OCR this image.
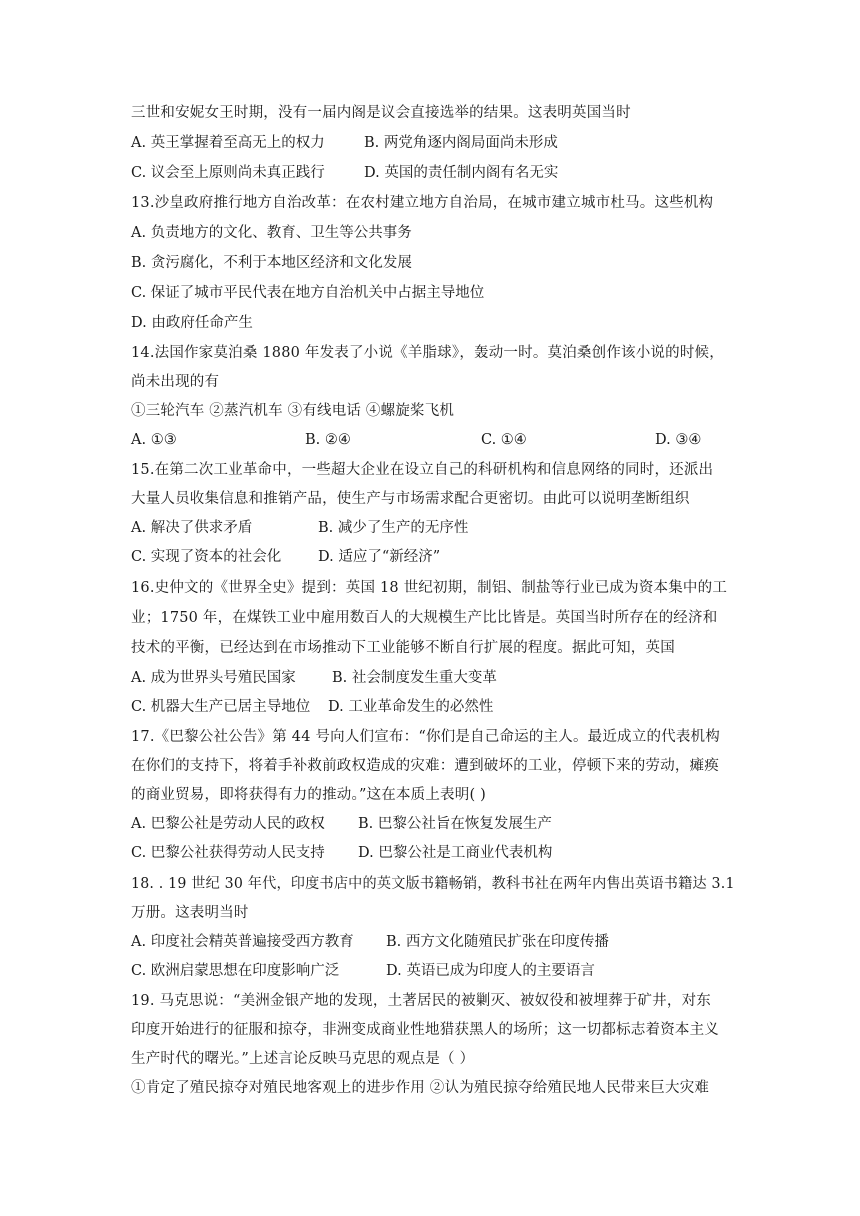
三世和安妮女王时期，没有一届内阁是议会直接选举的结果。这表明英国当时
A. 英王掌握着至高无上的权力	B. 两党角逐内阁局面尚未形成
C. 议会至上原则尚未真正践行	D. 英国的责任制内阁有名无实
13.沙皇政府推行地方自治改革：在农村建立地方自治局，在城市建立城市杜马。这些机构
A. 负责地方的文化、教育、卫生等公共事务
B. 贪污腐化，不利于本地区经济和文化发展
C. 保证了城市平民代表在地方自治机关中占据主导地位
D. 由政府任命产生
14.法国作家莫泊桑 1880 年发表了小说《羊脂球》，轰动一时。莫泊桑创作该小说的时候，
尚未出现的有
①三轮汽车 ②蒸汽机车 ③有线电话 ④螺旋桨飞机
A. ①③	B. ②④	C. ①④	D. ③④
15.在第二次工业革命中，一些超大企业在设立自己的科研机构和信息网络的同时，还派出
大量人员收集信息和推销产品，使生产与市场需求配合更密切。由此可以说明垄断组织
A. 解决了供求矛盾	B. 减少了生产的无序性
C. 实现了资本的社会化	D. 适应了“新经济”
16.史仲文的《世界全史》提到：英国 18 世纪初期，制铝、制盐等行业已成为资本集中的工
业；1750 年，在煤铁工业中雇用数百人的大规模生产比比皆是。英国当时所存在的经济和
技术的平衡，已经达到在市场推动下工业能够不断自行扩展的程度。据此可知，英国
A. 成为世界头号殖民国家	B. 社会制度发生重大变革
C. 机器大生产已居主导地位 D. 工业革命发生的必然性
17.《巴黎公社公告》第 44 号向人们宣布：“你们是自己命运的主人。最近成立的代表机构
在你们的支持下，将着手补救前政权造成的灾难：遭到破坏的工业，停顿下来的劳动，瘫痪
的商业贸易，即将获得有力的推动。”这在本质上表明( )
A. 巴黎公社是劳动人民的政权 B. 巴黎公社旨在恢复发展生产
C. 巴黎公社获得劳动人民支持 D. 巴黎公社是工商业代表机构
18. . 19 世纪 30 年代，印度书店中的英文版书籍畅销，教科书社在两年内售出英语书籍达 3.1
万册。这表明当时
A. 印度社会精英普遍接受西方教育 B. 西方文化随殖民扩张在印度传播
C. 欧洲启蒙思想在印度影响广泛	D. 英语已成为印度人的主要语言
19. 马克思说：“美洲金银产地的发现，土著居民的被剿灭、被奴役和被埋葬于矿井，对东
印度开始进行的征服和掠夺，非洲变成商业性地猎获黑人的场所；这一切都标志着资本主义
生产时代的曙光。”上述言论反映马克思的观点是（ ）
①肯定了殖民掠夺对殖民地客观上的进步作用 ②认为殖民掠夺给殖民地人民带来巨大灾难
